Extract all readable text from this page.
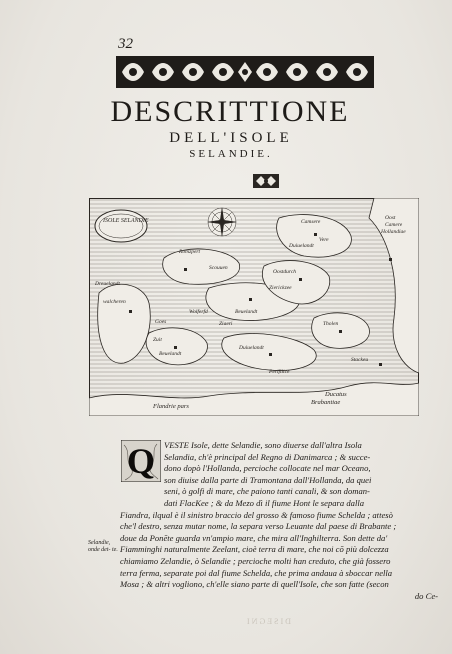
32
DESCRITTIONE
DELL'ISOLE
SELANDIE.
ISOLE SELANDIE	Camsere
Vere
Duiuelandt
Zierickzee
Oost
Camere
Hollandiae
Romzpert
Dreuelandt
Scouuen
walcheren
Beuelandt
Oostdurch
Wolferfd
Goes	Ziaeri
Zuit
Beuelandt
Tholen
Perlfilice
Stackeu
Duiuelandt
Flandrie pars
Brabantiae
Ducatus
Q	VESTE Isole, dette Selandie, sono diuerse dall'altra Isola
Selandia, ch'è principal del Regno di Danimarca ; & succe-
dono dopò l'Hollanda, percioche collocate nel mar Oceano,
son diuise dalla parte di Tramontana dall'Hollanda, da quei
seni, ò golfi di mare, che paiono tanti canali, & son doman-
dati FlacKee ; & da Mezo dì il fiume Hont le separa dalla
Fiandra, ilqual è il sinistro braccio del grosso & famoso fiume Schelda ; attesò
che'l destro, senza mutar nome, la separa verso Leuante dal paese di Brabante ;
doue da Ponēte guarda vn'ampio mare, che mira all'Inghilterra. Son dette da'
Fiamminghi naturalmente Zeelant, cioè terra di mare, che noi cō più dolcezza
chiamiamo Zelandie, ò Selandie ; percioche molti han creduto, che già fossero
terra ferma, separate poi dal fiume Schelda, che prima andaua à sboccar nella
Mosa ; & altri vogliono, ch'elle siano parte di quell'Isole, che son fatte (secon
do Ce-
Selandie, onde det- te.
DISEGNI
